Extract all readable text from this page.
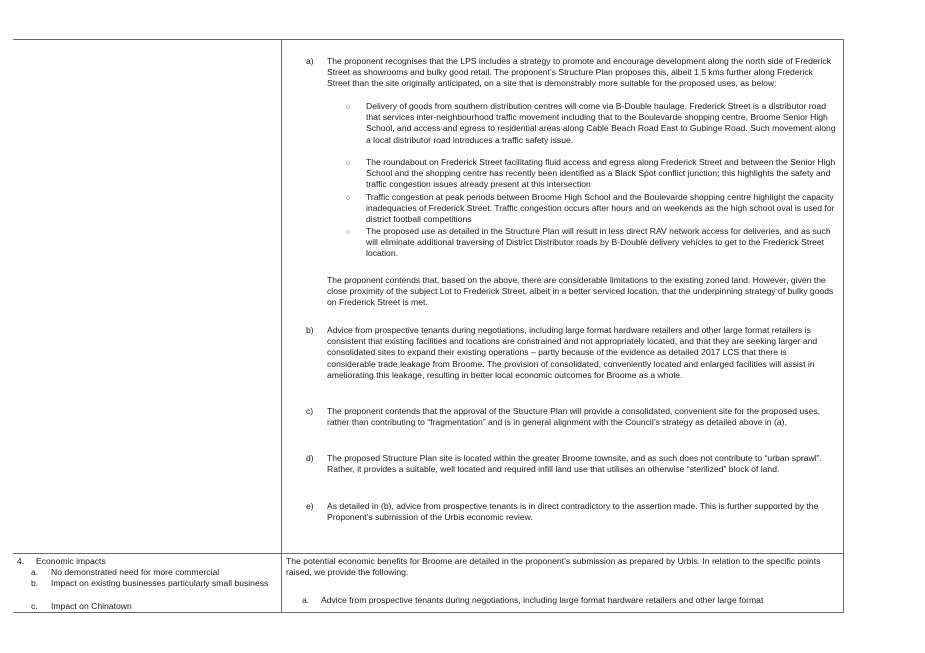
a) The proponent recognises that the LPS includes a strategy to promote and encourage development along the north side of Frederick Street as showrooms and bulky good retail. The proponent’s Structure Plan proposes this, albeit 1.5 kms further along Frederick Street than the site originally anticipated, on a site that is demonstrably more suitable for the proposed uses, as below:
○ Delivery of goods from southern distribution centres will come via B-Double haulage. Frederick Street is a distributor road that services inter-neighbourhood traffic movement including that to the Boulevarde shopping centre, Broome Senior High School, and access and egress to residential areas along Cable Beach Road East to Gubinge Road. Such movement along a local distributor road introduces a traffic safety issue.
○ The roundabout on Frederick Street facilitating fluid access and egress along Frederick Street and between the Senior High School and the shopping centre has recently been identified as a Black Spot conflict junction; this highlights the safety and traffic congestion issues already present at this intersection
○ Traffic congestion at peak periods between Broome High School and the Boulevarde shopping centre highlight the capacity inadequacies of Frederick Street. Traffic congestion occurs after hours and on weekends as the high school oval is used for district football competitions
○ The proposed use as detailed in the Structure Plan will result in less direct RAV network access for deliveries, and as such will eliminate additional traversing of District Distributor roads by B-Double delivery vehicles to get to the Frederick Street location.
The proponent contends that, based on the above, there are considerable limitations to the existing zoned land. However, given the close proximity of the subject Lot to Frederick Street, albeit in a better serviced location, that the underpinning strategy of bulky goods on Frederick Street is met.
b) Advice from prospective tenants during negotiations, including large format hardware retailers and other large format retailers is consistent that existing facilities and locations are constrained and not appropriately located, and that they are seeking larger and consolidated sites to expand their existing operations – partly because of the evidence as detailed 2017 LCS that there is considerable trade leakage from Broome. The provision of consolidated, conveniently located and enlarged facilities will assist in ameliorating this leakage, resulting in better local economic outcomes for Broome as a whole.
c) The proponent contends that the approval of the Structure Plan will provide a consolidated, convenient site for the proposed uses, rather than contributing to “fragmentation” and is in general alignment with the Council’s strategy as detailed above in (a).
d) The proposed Structure Plan site is located within the greater Broome townsite, and as such does not contribute to “urban sprawl”. Rather, it provides a suitable, well located and required infill land use that utilises an otherwise “sterilized” block of land.
e) As detailed in (b), advice from prospective tenants is in direct contradictory to the assertion made. This is further supported by the Proponent’s submission of the Urbis economic review.
4. Economic impacts
a. No demonstrated need for more commercial
b. Impact on existing businesses particularly small business
c. Impact on Chinatown
The potential economic benefits for Broome are detailed in the proponent’s submission as prepared by Urbis. In relation to the specific points raised, we provide the following.
a. Advice from prospective tenants during negotiations, including large format hardware retailers and other large format
